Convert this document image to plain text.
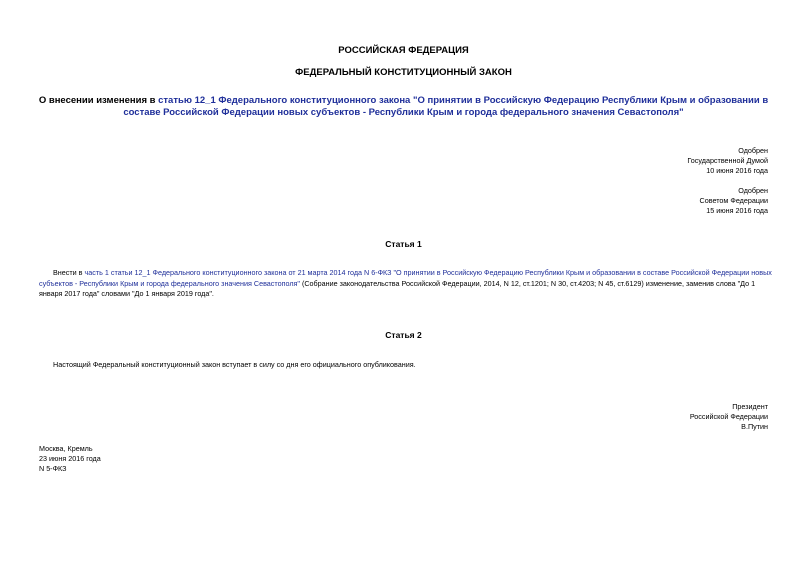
РОССИЙСКАЯ ФЕДЕРАЦИЯ
ФЕДЕРАЛЬНЫЙ КОНСТИТУЦИОННЫЙ ЗАКОН
О внесении изменения в статью 12_1 Федерального конституционного закона "О принятии в Российскую Федерацию Республики Крым и образовании в составе Российской Федерации новых субъектов - Республики Крым и города федерального значения Севастополя"
Одобрен
Государственной Думой
10 июня 2016 года
Одобрен
Советом Федерации
15 июня 2016 года
Статья 1
Внести в часть 1 статьи 12_1 Федерального конституционного закона от 21 марта 2014 года N 6-ФКЗ "О принятии в Российскую Федерацию Республики Крым и образовании в составе Российской Федерации новых субъектов - Республики Крым и города федерального значения Севастополя" (Собрание законодательства Российской Федерации, 2014, N 12, ст.1201; N 30, ст.4203; N 45, ст.6129) изменение, заменив слова "До 1 января 2017 года" словами "До 1 января 2019 года".
Статья 2
Настоящий Федеральный конституционный закон вступает в силу со дня его официального опубликования.
Президент
Российской Федерации
В.Путин
Москва, Кремль
23 июня 2016 года
N 5-ФКЗ
